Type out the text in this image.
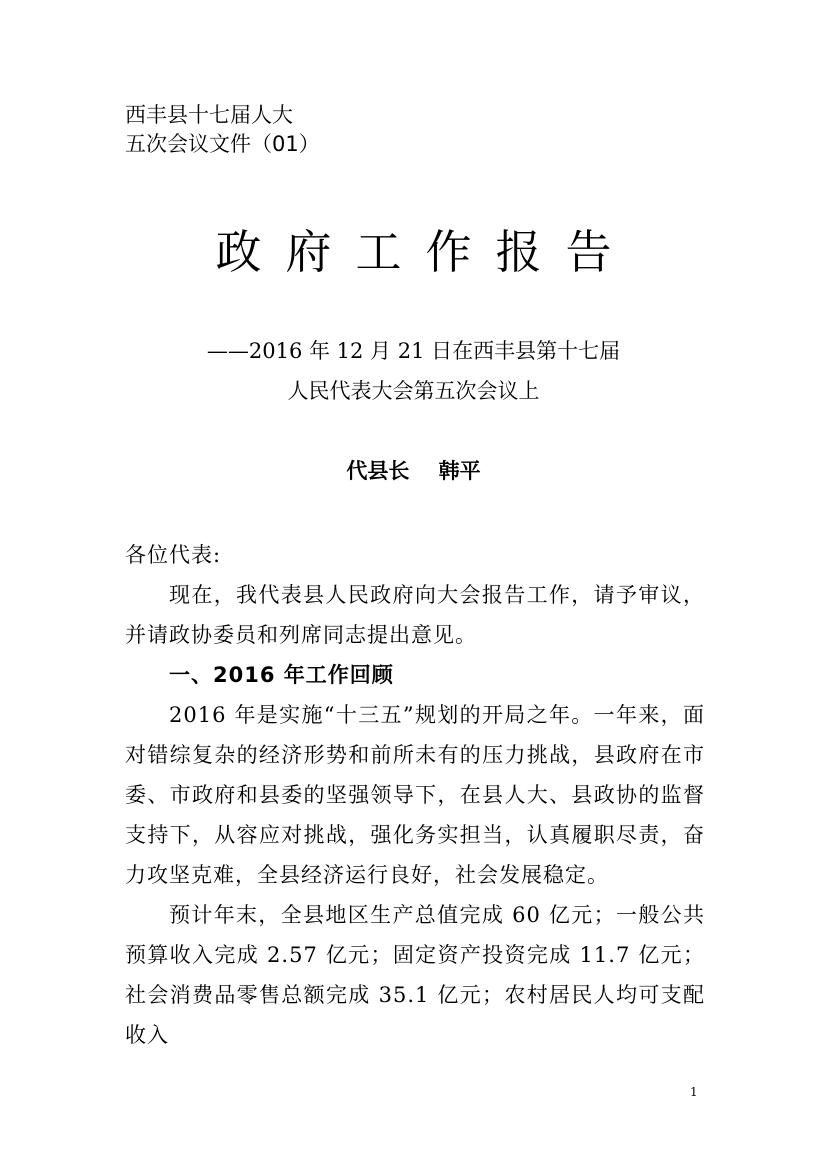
西丰县十七届人大
五次会议文件（01）
政府工作报告
——2016 年 12 月 21 日在西丰县第十七届
人民代表大会第五次会议上
代县长    韩平

各位代表:

现在，我代表县人民政府向大会报告工作，请予审议，并请政协委员和列席同志提出意见。

一、2016 年工作回顾

2016 年是实施“十三五”规划的开局之年。一年来，面对错综复杂的经济形势和前所未有的压力挑战，县政府在市委、市政府和县委的坚强领导下，在县人大、县政协的监督支持下，从容应对挑战，强化务实担当，认真履职尽责，奋力攻坚克难，全县经济运行良好，社会发展稳定。

预计年末，全县地区生产总值完成 60 亿元；一般公共预算收入完成 2.57 亿元；固定资产投资完成 11.7 亿元；社会消费品零售总额完成 35.1 亿元；农村居民人均可支配收入

1
